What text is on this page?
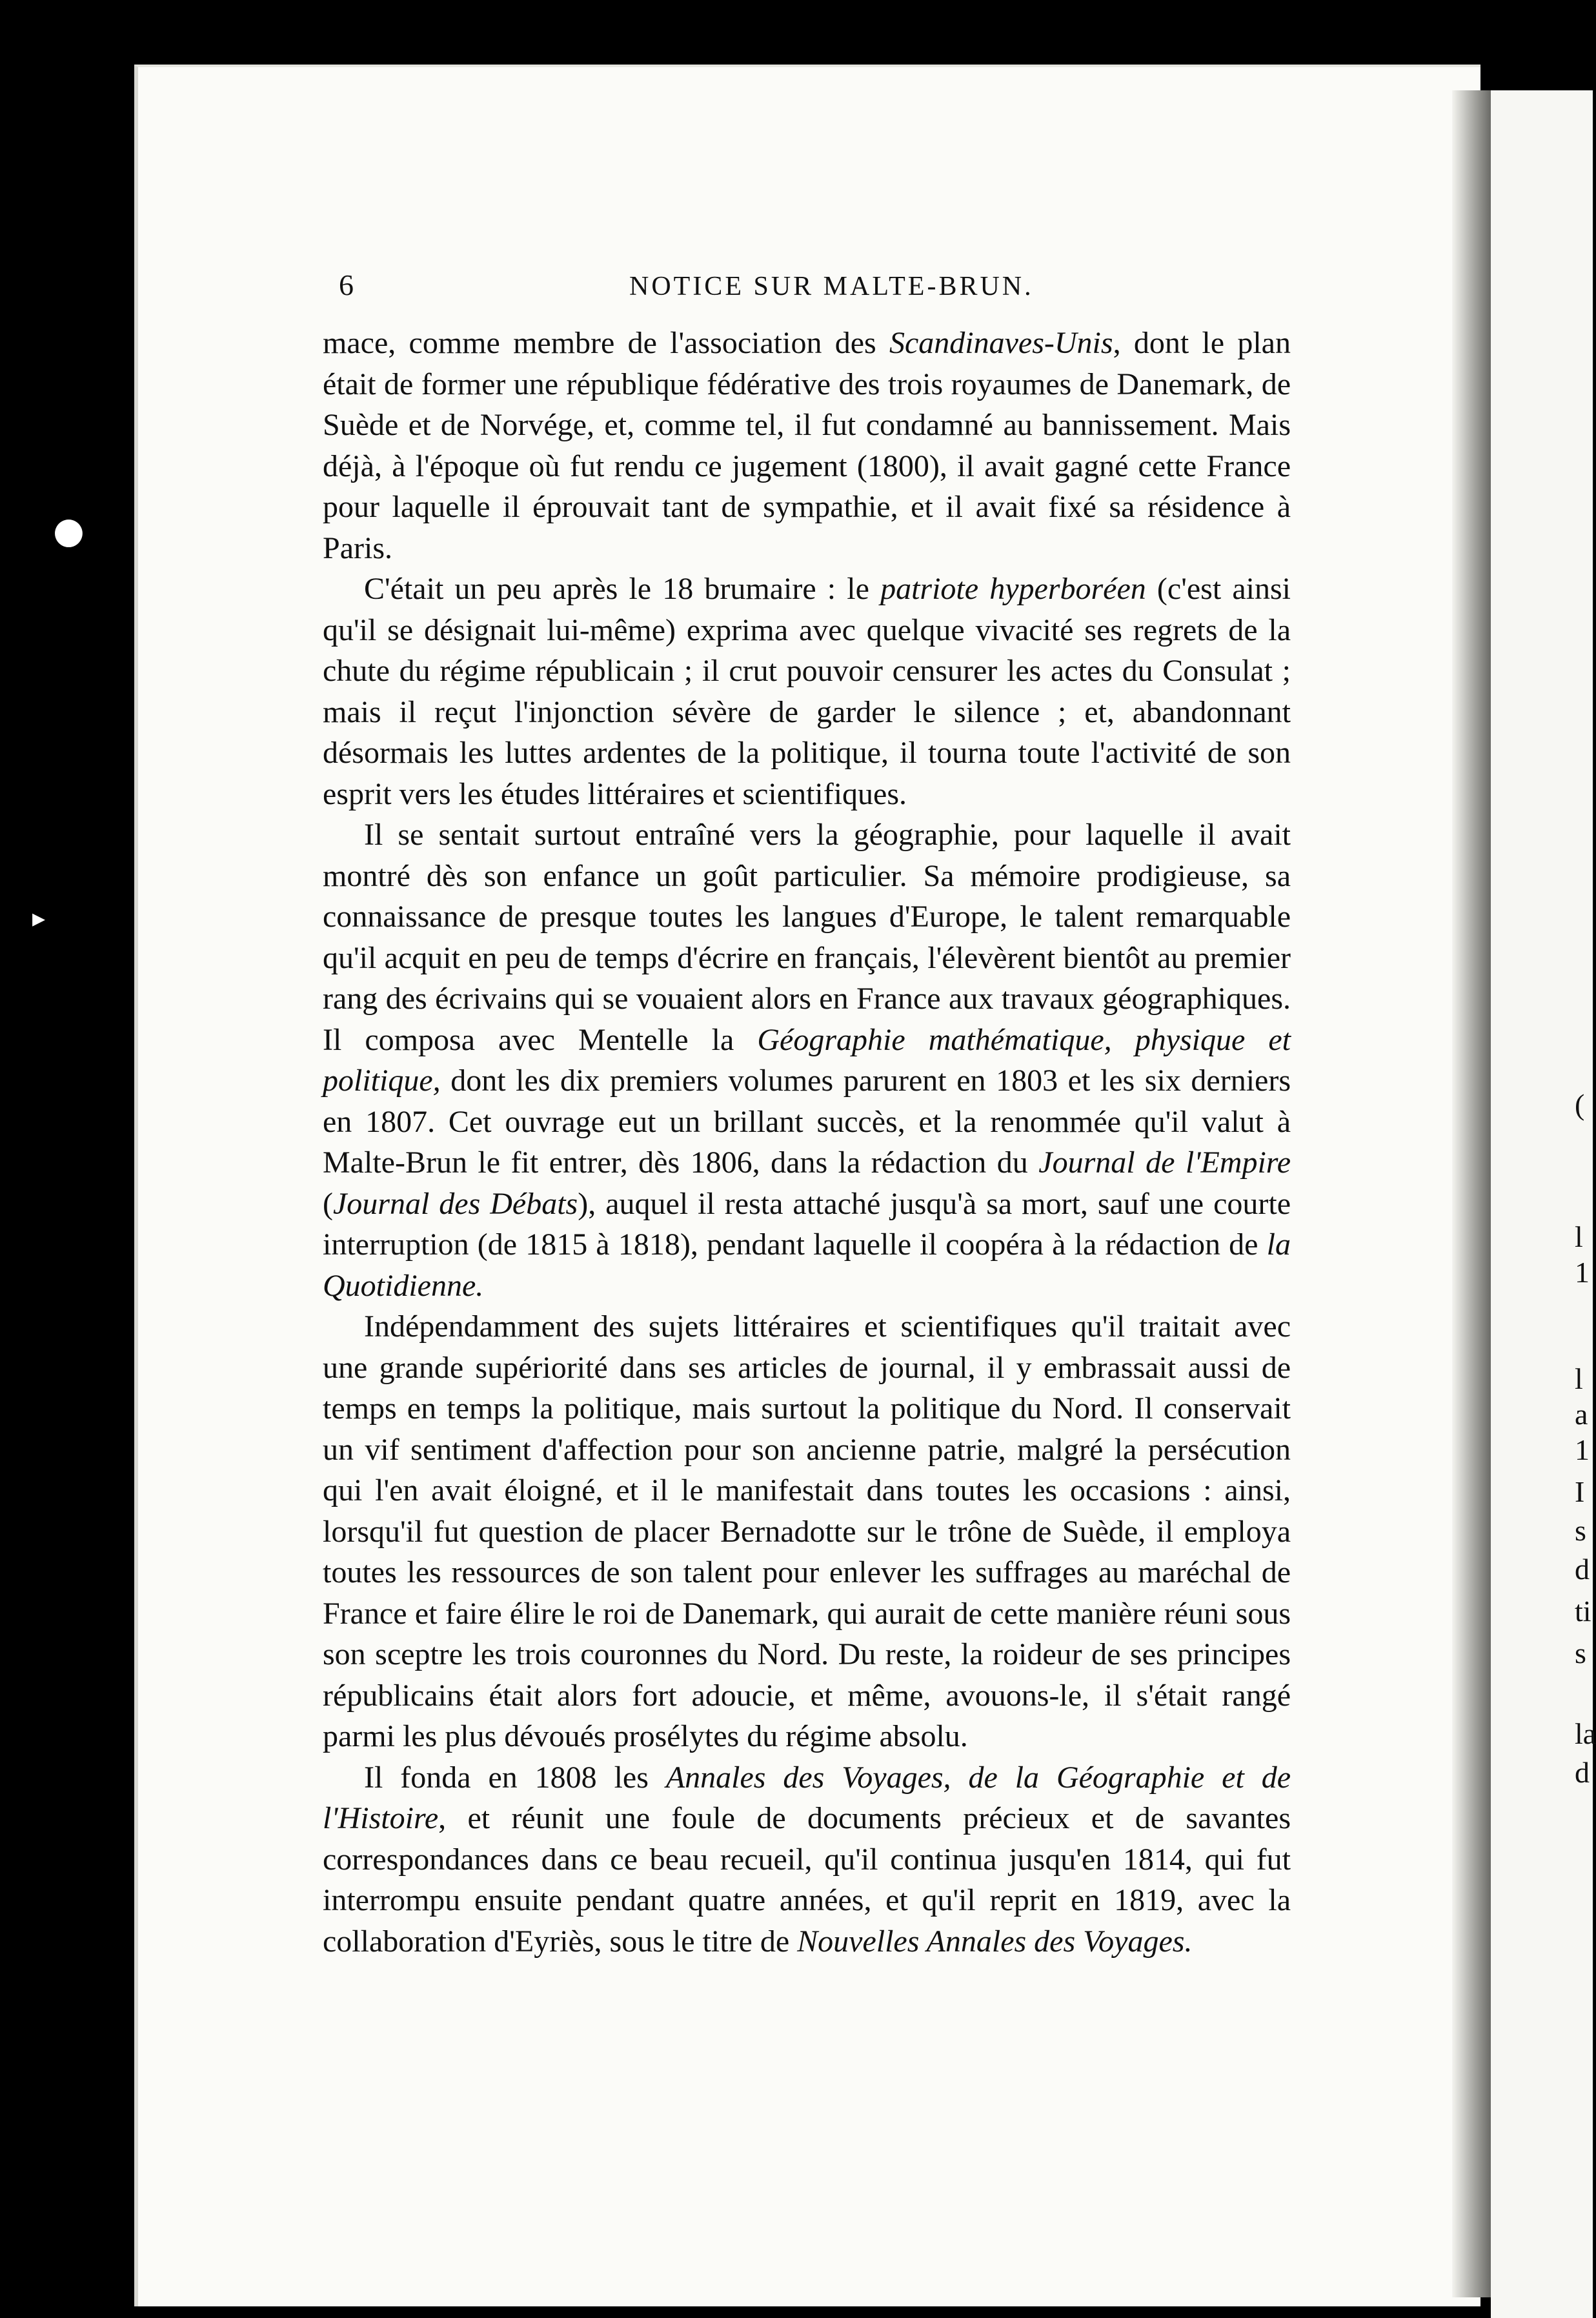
(
l
1
l
a
1
I
s
d
ti
s
la
d
●
▸
6	NOTICE SUR MALTE-BRUN.

mace, comme membre de l'association des Scandinaves-Unis, dont le plan était de former une république fédérative des trois royaumes de Danemark, de Suède et de Norvége, et, comme tel, il fut condamné au bannissement. Mais déjà, à l'époque où fut rendu ce jugement (1800), il avait gagné cette France pour laquelle il éprouvait tant de sympathie, et il avait fixé sa résidence à Paris.

C'était un peu après le 18 brumaire : le patriote hyperboréen (c'est ainsi qu'il se désignait lui-même) exprima avec quelque vivacité ses regrets de la chute du régime républicain ; il crut pouvoir censurer les actes du Consulat ; mais il reçut l'injonction sévère de garder le silence ; et, abandonnant désormais les luttes ardentes de la politique, il tourna toute l'activité de son esprit vers les études littéraires et scientifiques.

Il se sentait surtout entraîné vers la géographie, pour laquelle il avait montré dès son enfance un goût particulier. Sa mémoire prodigieuse, sa connaissance de presque toutes les langues d'Europe, le talent remarquable qu'il acquit en peu de temps d'écrire en français, l'élevèrent bientôt au premier rang des écrivains qui se vouaient alors en France aux travaux géographiques. Il composa avec Mentelle la Géographie mathématique, physique et politique, dont les dix premiers volumes parurent en 1803 et les six derniers en 1807. Cet ouvrage eut un brillant succès, et la renommée qu'il valut à Malte-Brun le fit entrer, dès 1806, dans la rédaction du Journal de l'Empire (Journal des Débats), auquel il resta attaché jusqu'à sa mort, sauf une courte interruption (de 1815 à 1818), pendant laquelle il coopéra à la rédaction de la Quotidienne.

Indépendamment des sujets littéraires et scientifiques qu'il traitait avec une grande supériorité dans ses articles de journal, il y embrassait aussi de temps en temps la politique, mais surtout la politique du Nord. Il conservait un vif sentiment d'affection pour son ancienne patrie, malgré la persécution qui l'en avait éloigné, et il le manifestait dans toutes les occasions : ainsi, lorsqu'il fut question de placer Bernadotte sur le trône de Suède, il employa toutes les ressources de son talent pour enlever les suffrages au maréchal de France et faire élire le roi de Danemark, qui aurait de cette manière réuni sous son sceptre les trois couronnes du Nord. Du reste, la roideur de ses principes républicains était alors fort adoucie, et même, avouons-le, il s'était rangé parmi les plus dévoués prosélytes du régime absolu.

Il fonda en 1808 les Annales des Voyages, de la Géographie et de l'Histoire, et réunit une foule de documents précieux et de savantes correspondances dans ce beau recueil, qu'il continua jusqu'en 1814, qui fut interrompu ensuite pendant quatre années, et qu'il reprit en 1819, avec la collaboration d'Eyriès, sous le titre de Nouvelles Annales des Voyages.
